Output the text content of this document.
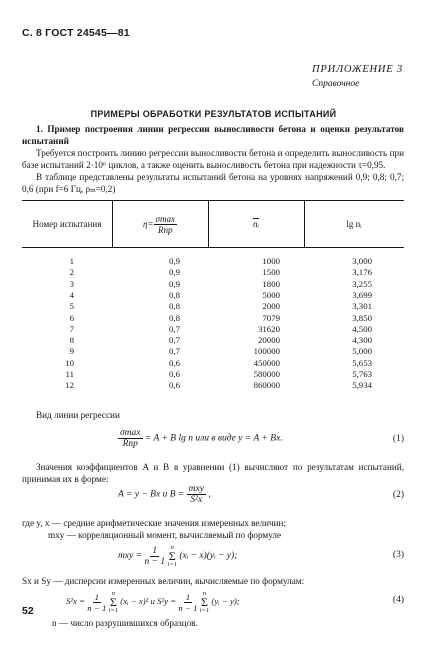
С. 8 ГОСТ 24545—81
ПРИЛОЖЕНИЕ 3
Справочное
ПРИМЕРЫ ОБРАБОТКИ РЕЗУЛЬТАТОВ ИСПЫТАНИЙ
1. Пример построения линии регрессии выносливости бетона и оценки результатов испытаний
Требуется построить линию регрессии выносливости бетона и определить выносливость при базе испытаний 2·10⁶ циклов, а также оценить выносливость бетона при надежности τ=0,95.
В таблице представлены результаты испытаний бетона на уровнях напряжений 0,9; 0,8; 0,7; 0,6 (при f=6 Гц, ρₘ=0,2)
Номер испытания	$\eta= \frac{\sigma\max}{\text{Rпр}}$	$\overline{nᵢ}$	lg nᵢ
1	0,9	1000	3,000
2	0,9	1500	3,176
3	0,9	1800	3,255
4	0,8	5000	3,699
5	0,8	2000	3,301
6	0,8	7079	3,850
7	0,7	31620	4,500
8	0,7	20000	4,300
9	0,7	100000	5,000
10	0,6	450000	5,653
11	0,6	580000	5,763
12	0,6	860000	5,934
Вид линии регрессии
$\frac{\sigma\max}{\text{Rпр}} = A + B$ lg n или в виде y = A + Bx.	(1)
Значения коэффициентов A и B в уравнении (1) вычисляют по результатам испытаний, принимая их в форме:
A = y − Bx и $B = \frac{\text{mxy}}{\text{S²x}}$ ,	(2)
где y, x — средние арифметические значения измеренных величин;
mxy — корреляционный момент, вычисляемый по формуле
mxy = $\frac{1}{n - 1}$
n
Σ
i=1
(xᵢ − x)(yᵢ − y);	(3)
Sx и Sy — дисперсии измеренных величин, вычисляемые по формулам:
$S^2x = \frac{1}{n - 1}$
n
Σ
i=1
(xᵢ − x)² и $S^2y = \frac{1}{n - 1}$
n
Σ
i=1
(yᵢ − y);	(4)
52
n — число разрушившихся образцов.
